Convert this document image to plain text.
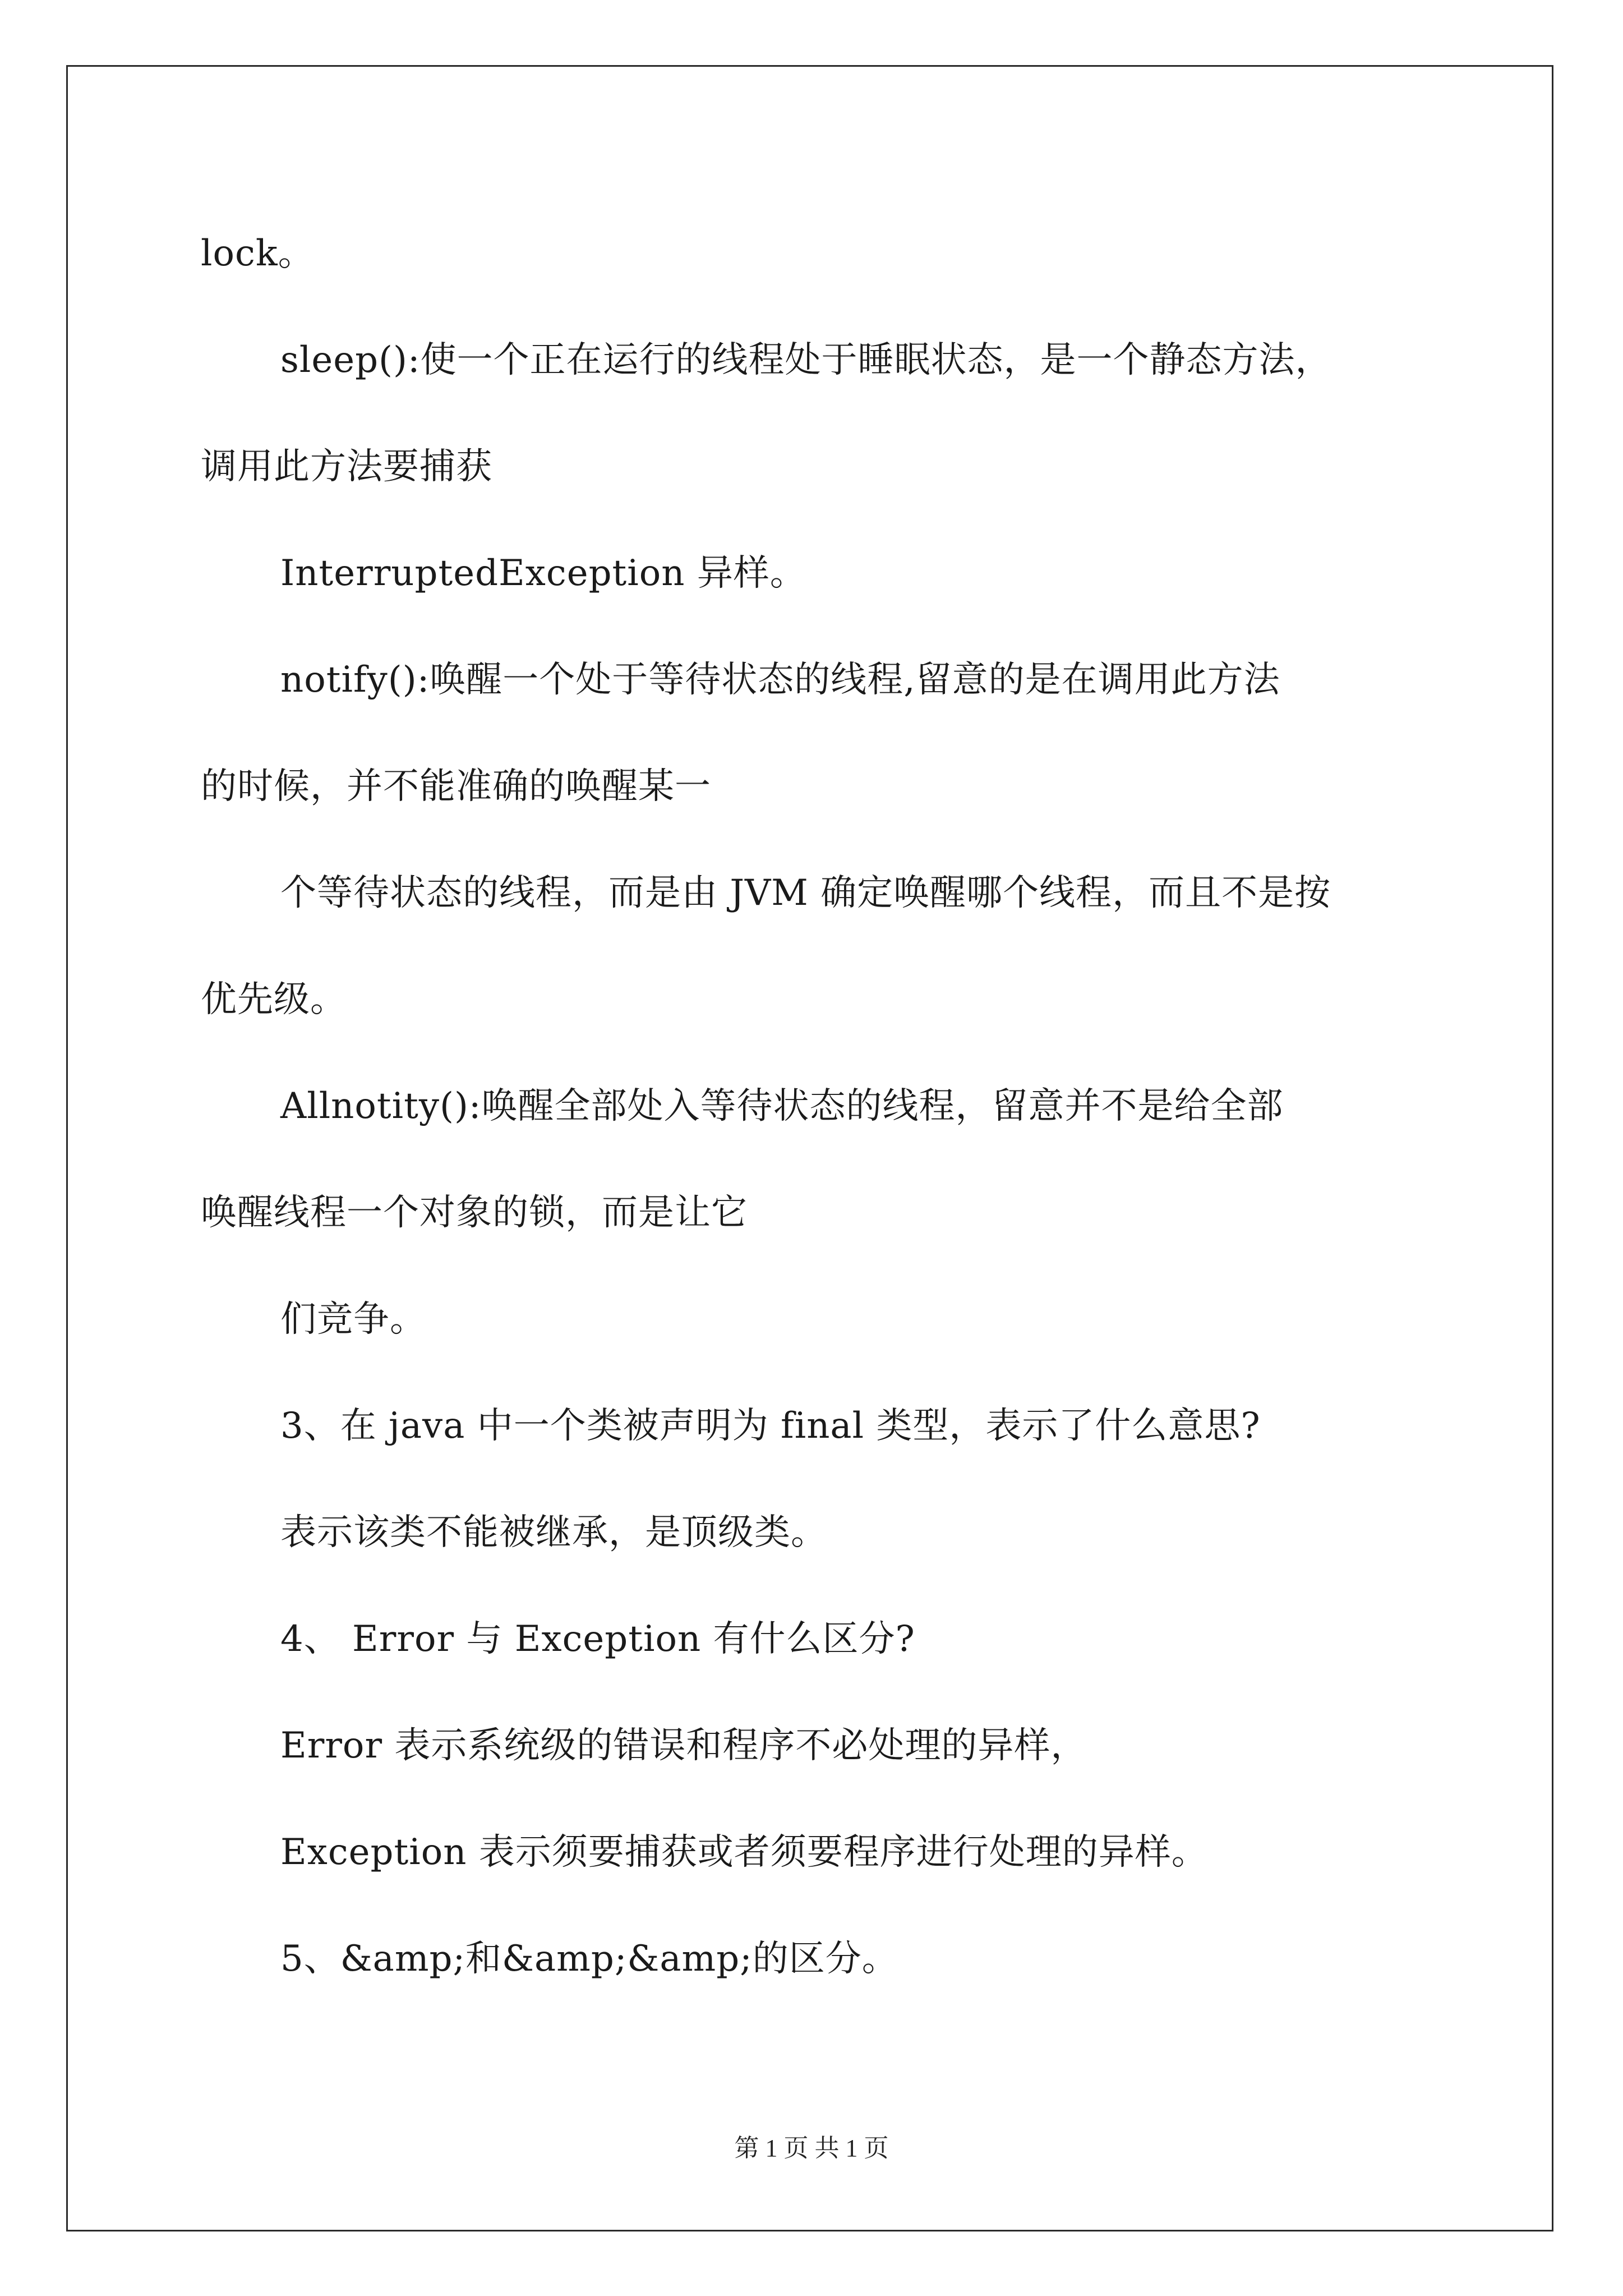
lock。
sleep():使一个正在运行的线程处于睡眠状态，是一个静态方法，
调用此方法要捕获
InterruptedException 异样。
notify():唤醒一个处于等待状态的线程,留意的是在调用此方法
的时候，并不能准确的唤醒某一
个等待状态的线程，而是由 JVM 确定唤醒哪个线程，而且不是按
优先级。
Allnotity():唤醒全部处入等待状态的线程，留意并不是给全部
唤醒线程一个对象的锁，而是让它
们竞争。
3、在 java 中一个类被声明为 final 类型，表示了什么意思?
表示该类不能被继承，是顶级类。
4、 Error 与 Exception 有什么区分?
Error 表示系统级的错误和程序不必处理的异样，
Exception 表示须要捕获或者须要程序进行处理的异样。
5、&amp;和&amp;&amp;的区分。
第 1 页 共 1 页
